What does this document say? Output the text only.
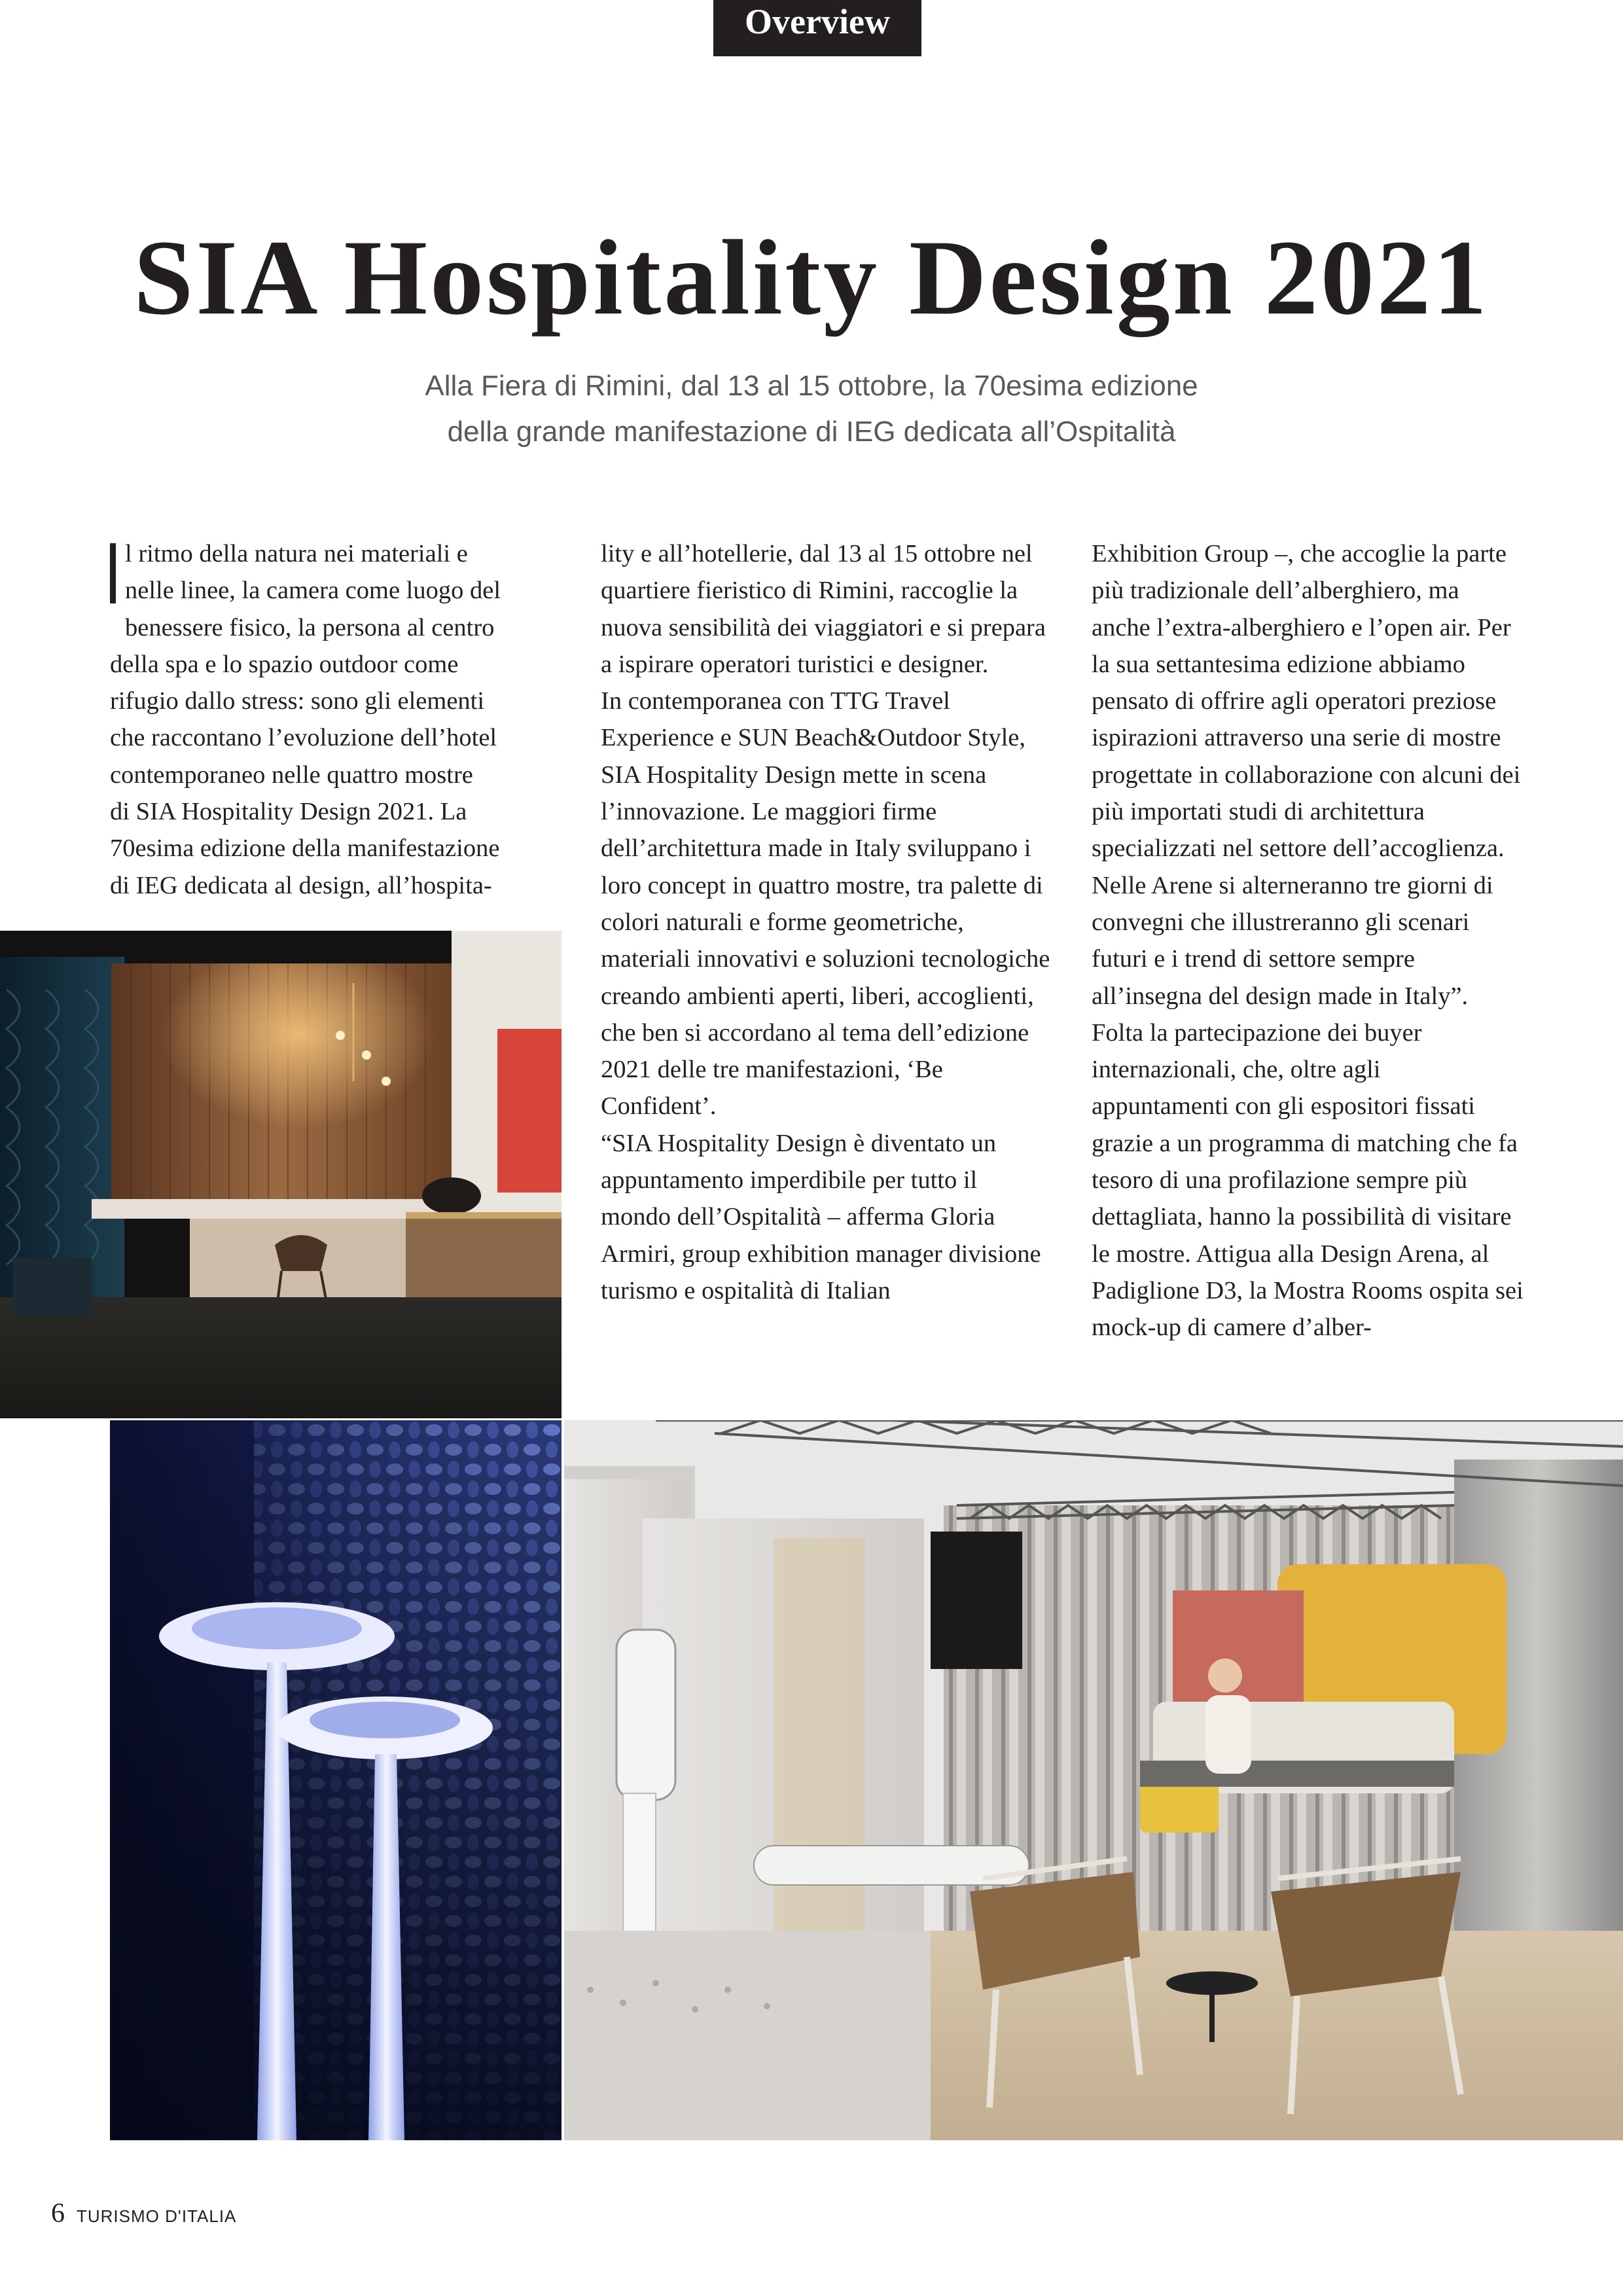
Overview
SIA Hospitality Design 2021
Alla Fiera di Rimini, dal 13 al 15 ottobre, la 70esima edizione
della grande manifestazione di IEG dedicata all’Ospitalità
l ritmo della natura nei materiali e
nelle linee, la camera come luogo del
benessere fisico, la persona al centro
della spa e lo spazio outdoor come
rifugio dallo stress: sono gli elementi
che raccontano l’evoluzione dell’hotel
contemporaneo nelle quattro mostre
di SIA Hospitality Design 2021. La
70esima edizione della manifestazione
di IEG dedicata al design, all’hospita-

lity e all’hotellerie, dal 13 al 15 ottobre nel quartiere fieristico di Rimini, raccoglie la nuova sensibilità dei viaggiatori e si prepara a ispirare operatori turistici e designer.

In contemporanea con TTG Travel Experience e SUN Beach&Outdoor Style, SIA Hospitality Design mette in scena l’innovazione. Le maggiori firme dell’architettura made in Italy sviluppano i loro concept in quattro mostre, tra palette di colori naturali e forme geometriche, materiali innovativi e soluzioni tecnologiche creando ambienti aperti, liberi, accoglienti, che ben si accordano al tema dell’edizione 2021 delle tre manifestazioni, ‘Be Confident’.

“SIA Hospitality Design è diventato un appuntamento imperdibile per tutto il mondo dell’Ospitalità – afferma Gloria Armiri, group exhibition manager divisione turismo e ospitalità di Italian

Exhibition Group –, che accoglie la parte più tradizionale dell’alberghiero, ma anche l’extra-alberghiero e l’open air. Per la sua settantesima edizione abbiamo pensato di offrire agli operatori preziose ispirazioni attraverso una serie di mostre progettate in collaborazione con alcuni dei più importati studi di architettura specializzati nel settore dell’accoglienza. Nelle Arene si alterneranno tre giorni di convegni che illustreranno gli scenari futuri e i trend di settore sempre all’insegna del design made in Italy”.

Folta la partecipazione dei buyer internazionali, che, oltre agli appuntamenti con gli espositori fissati grazie a un programma di matching che fa tesoro di una profilazione sempre più dettagliata, hanno la possibilità di visitare le mostre. Attigua alla Design Arena, al Padiglione D3, la Mostra Rooms ospita sei mock-up di camere d’alber-

6 TURISMO D'ITALIA
